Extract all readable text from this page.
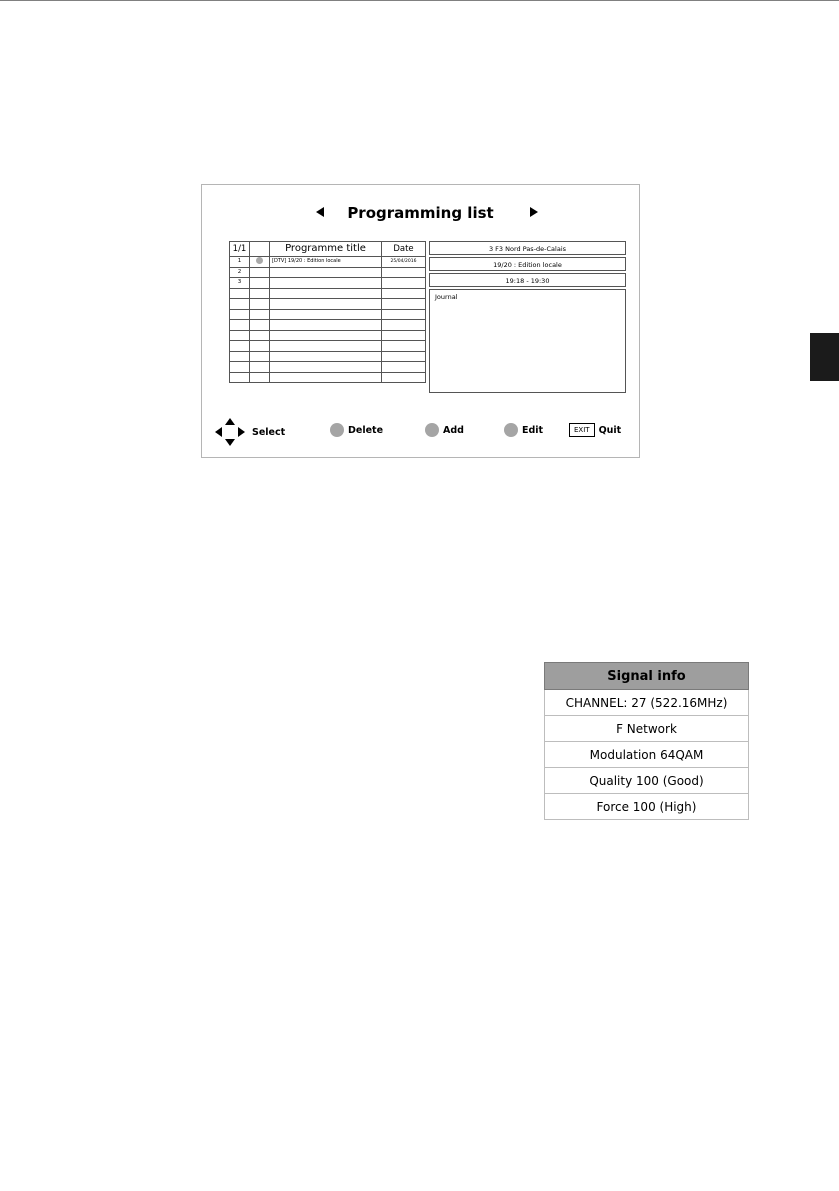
Programming list
1/1		Programme title	Date
1		[DTV] 19/20 : Edition locale	25/04/2016
2			
3			

3 F3 Nord Pas-de-Calais
19/20 : Edition locale
19:18 - 19:30
Journal
Select	Delete	Add	Edit	EXIT Quit
Signal info
CHANNEL: 27 (522.16MHz)
F Network
Modulation 64QAM
Quality 100 (Good)
Force 100 (High)
